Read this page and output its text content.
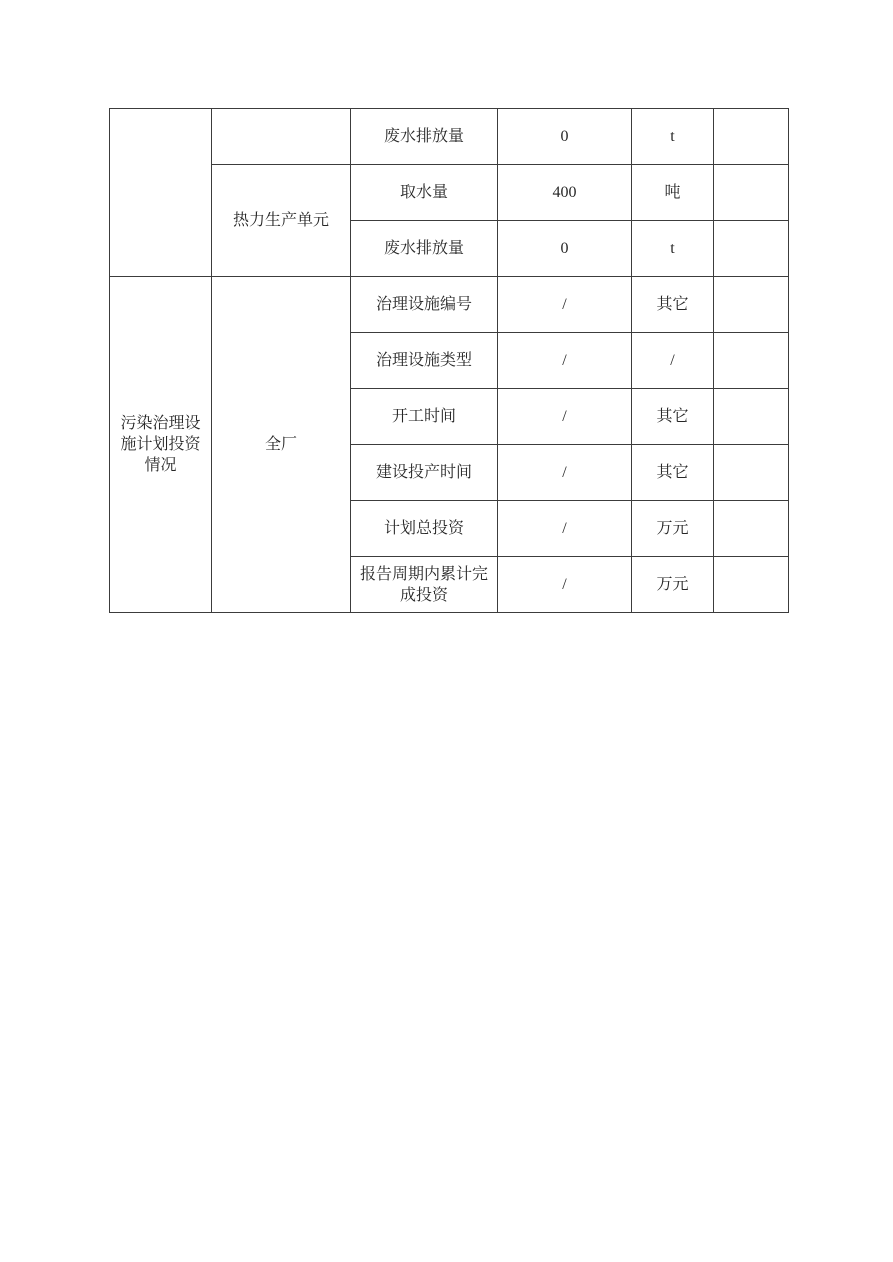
		废水排放量	0	t	
	热力生产单元	取水量	400	吨	
		废水排放量	0	t	
污染治理设施计划投资情况	全厂	治理设施编号	/	其它	
		治理设施类型	/	/	
		开工时间	/	其它	
		建设投产时间	/	其它	
		计划总投资	/	万元	
		报告周期内累计完成投资	/	万元	
